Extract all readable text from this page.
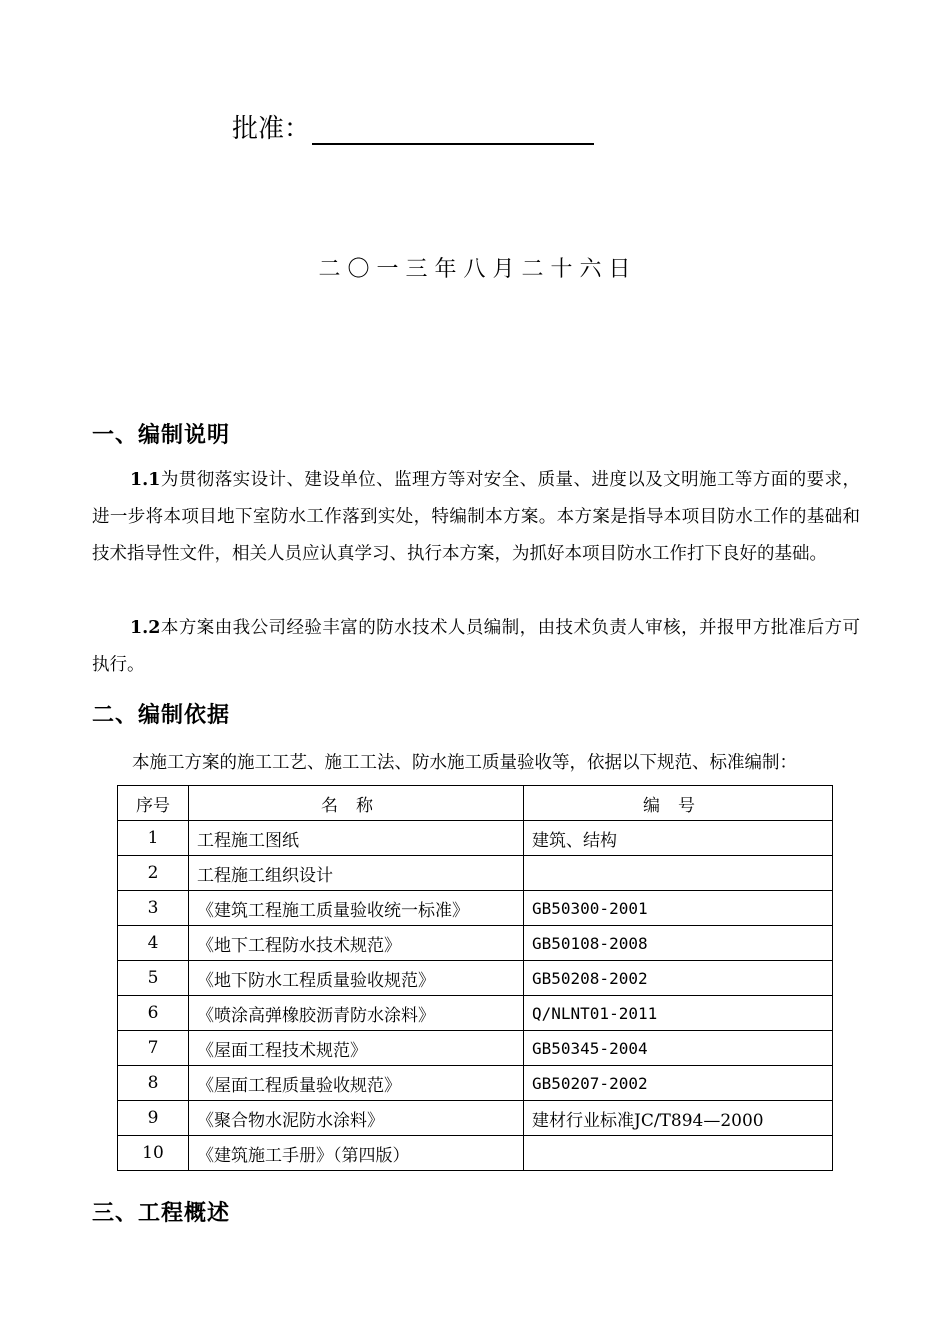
批准：
二〇一三年八月二十六日
一、编制说明
1.1为贯彻落实设计、建设单位、监理方等对安全、质量、进度以及文明施工等方面的要求，进一步将本项目地下室防水工作落到实处，特编制本方案。本方案是指导本项目防水工作的基础和技术指导性文件，相关人员应认真学习、执行本方案，为抓好本项目防水工作打下良好的基础。
1.2本方案由我公司经验丰富的防水技术人员编制，由技术负责人审核，并报甲方批准后方可执行。
二、编制依据
本施工方案的施工工艺、施工工法、防水施工质量验收等，依据以下规范、标准编制：
序号	名称	编号
1	工程施工图纸	建筑、结构
2	工程施工组织设计	
3	《建筑工程施工质量验收统一标准》	GB50300-2001
4	《地下工程防水技术规范》	GB50108-2008
5	《地下防水工程质量验收规范》	GB50208-2002
6	《喷涂高弹橡胶沥青防水涂料》	Q/NLNT01-2011
7	《屋面工程技术规范》	GB50345-2004
8	《屋面工程质量验收规范》	GB50207-2002
9	《聚合物水泥防水涂料》	建材行业标准JC/T894—2000
10	《建筑施工手册》（第四版）	
三、工程概述
